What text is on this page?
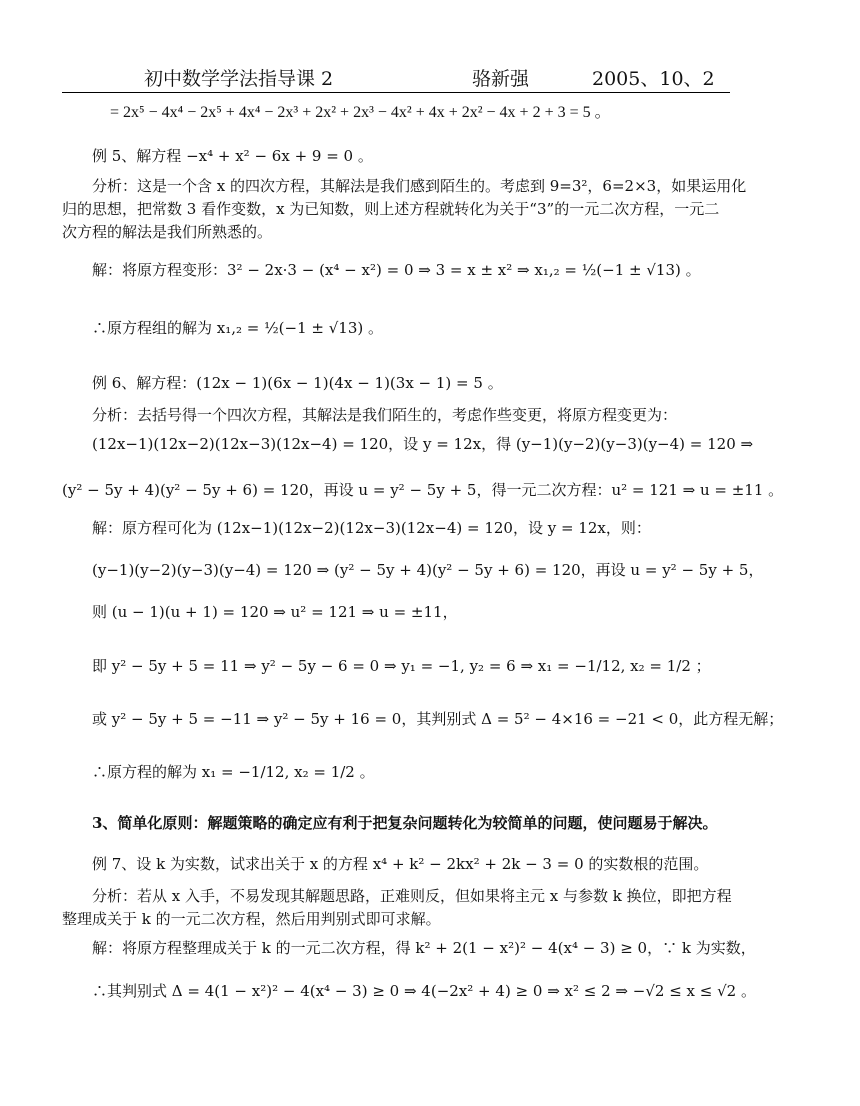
初中数学学法指导课 2	骆新强	2005、10、2
= 2x⁵ − 4x⁴ − 2x⁵ + 4x⁴ − 2x³ + 2x² + 2x³ − 4x² + 4x + 2x² − 4x + 2 + 3 = 5 。
例 5、解方程 −x⁴ + x² − 6x + 9 = 0 。
分析：这是一个含 x 的四次方程，其解法是我们感到陌生的。考虑到 9=3²，6=2×3，如果运用化
归的思想，把常数 3 看作变数，x 为已知数，则上述方程就转化为关于“3”的一元二次方程，一元二
次方程的解法是我们所熟悉的。
解：将原方程变形：3² − 2x·3 − (x⁴ − x²) = 0 ⇒ 3 = x ± x² ⇒ x₁,₂ = ½(−1 ± √13) 。
∴原方程组的解为 x₁,₂ = ½(−1 ± √13) 。
例 6、解方程：(12x − 1)(6x − 1)(4x − 1)(3x − 1) = 5 。
分析：去括号得一个四次方程，其解法是我们陌生的，考虑作些变更，将原方程变更为：
(12x−1)(12x−2)(12x−3)(12x−4) = 120，设 y = 12x，得 (y−1)(y−2)(y−3)(y−4) = 120 ⇒
(y² − 5y + 4)(y² − 5y + 6) = 120，再设 u = y² − 5y + 5，得一元二次方程：u² = 121 ⇒ u = ±11 。
解：原方程可化为 (12x−1)(12x−2)(12x−3)(12x−4) = 120，设 y = 12x，则：
(y−1)(y−2)(y−3)(y−4) = 120 ⇒ (y² − 5y + 4)(y² − 5y + 6) = 120，再设 u = y² − 5y + 5，
则 (u − 1)(u + 1) = 120 ⇒ u² = 121 ⇒ u = ±11，
即 y² − 5y + 5 = 11 ⇒ y² − 5y − 6 = 0 ⇒ y₁ = −1, y₂ = 6 ⇒ x₁ = −1/12, x₂ = 1/2 ；
或 y² − 5y + 5 = −11 ⇒ y² − 5y + 16 = 0，其判别式 Δ = 5² − 4×16 = −21 < 0，此方程无解；
∴原方程的解为 x₁ = −1/12, x₂ = 1/2 。
3、简单化原则：解题策略的确定应有利于把复杂问题转化为较简单的问题，使问题易于解决。
例 7、设 k 为实数，试求出关于 x 的方程 x⁴ + k² − 2kx² + 2k − 3 = 0 的实数根的范围。
分析：若从 x 入手，不易发现其解题思路，正难则反，但如果将主元 x 与参数 k 换位，即把方程
整理成关于 k 的一元二次方程，然后用判别式即可求解。
解：将原方程整理成关于 k 的一元二次方程，得 k² + 2(1 − x²)² − 4(x⁴ − 3) ≥ 0，∵ k 为实数，
∴其判别式 Δ = 4(1 − x²)² − 4(x⁴ − 3) ≥ 0 ⇒ 4(−2x² + 4) ≥ 0 ⇒ x² ≤ 2 ⇒ −√2 ≤ x ≤ √2 。
